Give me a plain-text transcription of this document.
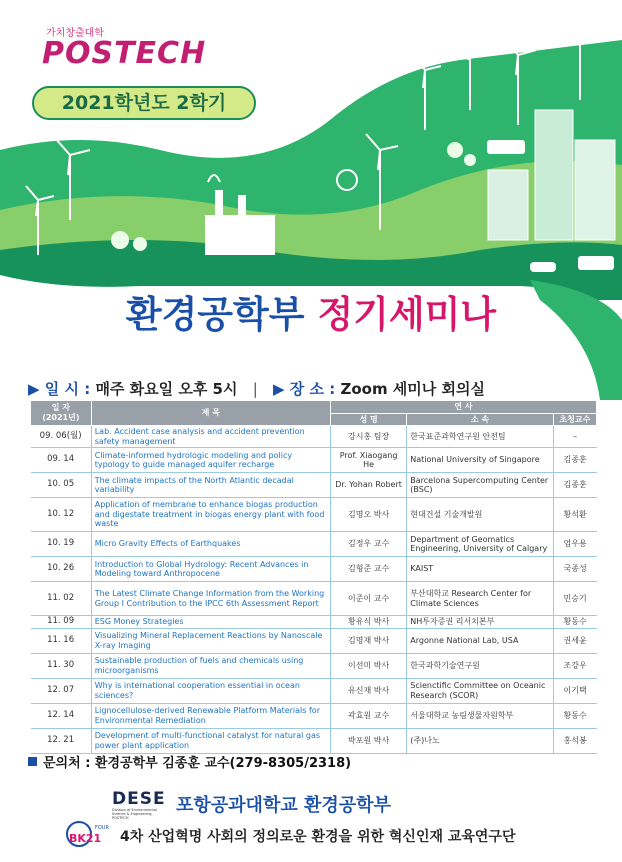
가치창출대학
POSTECH
2021학년도 2학기
환경공학부 정기세미나
▶ 일 시 : 매주 화요일 오후 5시 | ▶ 장 소 : Zoom 세미나 회의실
일 자
(2021년)	제 목	연 사		
		성 명	소 속	초청교수
09. 06(월)	Lab. Accident case analysis and accident prevention safety management	강시홍 팀장	한국표준과학연구원 안전팀	–
09. 14	Climate-informed hydrologic modeling and policy typology to guide managed aquifer recharge	Prof. Xiaogang He	National University of Singapore	김종훈
10. 05	The climate impacts of the North Atlantic decadal variability	Dr. Yohan Robert	Barcelona Supercomputing Center (BSC)	김종훈
10. 12	Application of membrane to enhance biogas production and digestate treatment in biogas energy plant with food waste	김명오 박사	현대건설 기술개발원	황석환
10. 19	Micro Gravity Effects of Earthquakes	김정우 교수	Department of Geomatics Engineering, University of Calgary	엄우용
10. 26	Introduction to Global Hydrology: Recent Advances in Modeling toward Anthropocene	김형준 교수	KAIST	국종성
11. 02	The Latest Climate Change Information from the Working Group I Contribution to the IPCC 6th Assessment Report	이준이 교수	부산대학교 Research Center for Climate Sciences	민승기
11. 09	ESG Money Strategies	황유식 박사	NH투자증권 리서치본부	황동수
11. 16	Visualizing Mineral Replacement Reactions by Nanoscale X-ray Imaging	김명재 박사	Argonne National Lab, USA	권세윤
11. 30	Sustainable production of fuels and chemicals using microorganisms	이선미 박사	한국과학기술연구원	조강우
12. 07	Why is international cooperation essential in ocean sciences?	유신재 박사	Scienctific Committee on Oceanic Research (SCOR)	이기택
12. 14	Lignocellulose-derived Renewable Platform Materials for Environmental Remediation	곽효원 교수	서울대학교 농림생물자원학부	황동수
12. 21	Development of multi-functional catalyst for natural gas power plant application	박포원 박사	(주)나노	홍석봉
문의처 : 환경공학부 김종훈 교수(279-8305/2318)
DESE
Division of Environmental Science & Engineering, POSTECH
포항공과대학교 환경공학부
FOUR
BK21 4차 산업혁명 사회의 정의로운 환경을 위한 혁신인재 교육연구단
